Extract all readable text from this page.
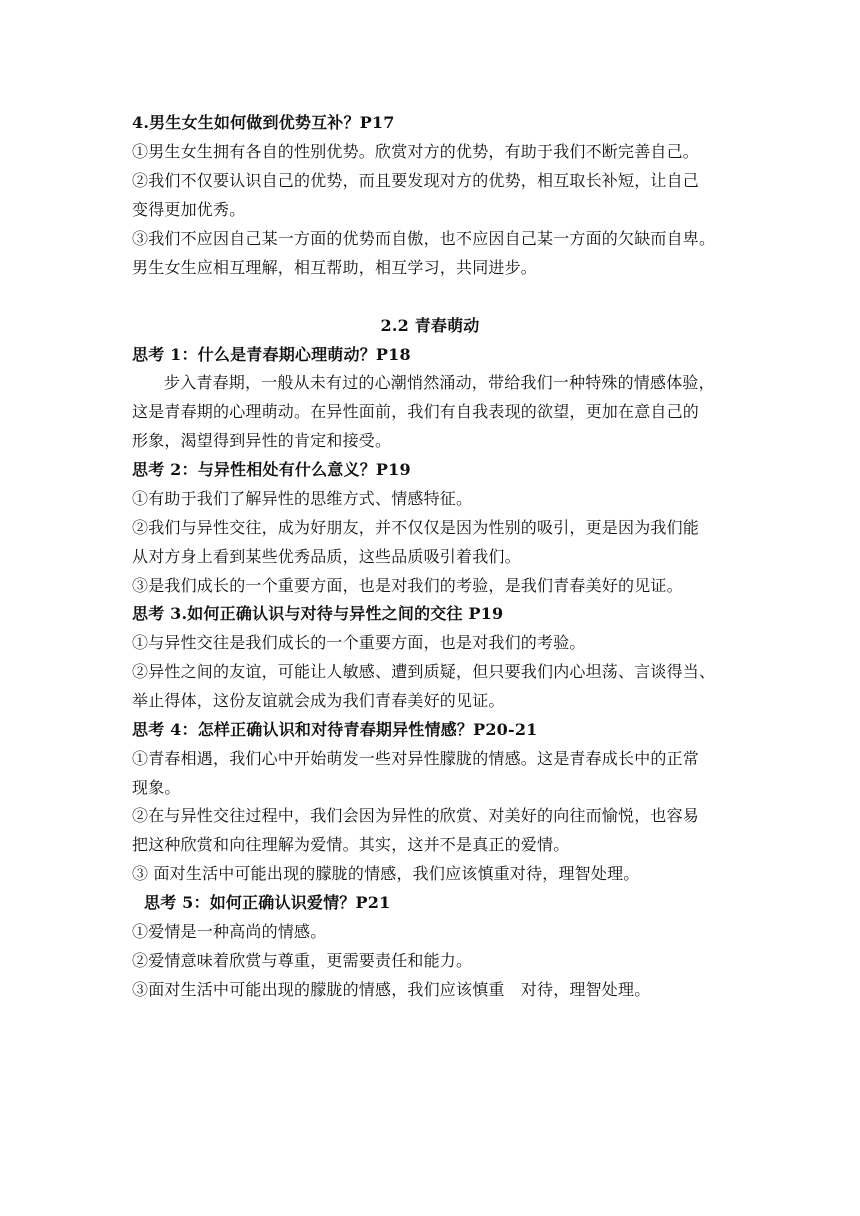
4.男生女生如何做到优势互补？P17
①男生女生拥有各自的性别优势。欣赏对方的优势，有助于我们不断完善自己。
②我们不仅要认识自己的优势，而且要发现对方的优势，相互取长补短，让自己
变得更加优秀。
③我们不应因自己某一方面的优势而自傲，也不应因自己某一方面的欠缺而自卑。
男生女生应相互理解，相互帮助，相互学习，共同进步。
2.2 青春萌动
思考 1：什么是青春期心理萌动？P18
步入青春期，一般从未有过的心潮悄然涌动，带给我们一种特殊的情感体验，
这是青春期的心理萌动。在异性面前，我们有自我表现的欲望，更加在意自己的
形象，渴望得到异性的肯定和接受。
思考 2：与异性相处有什么意义？P19
①有助于我们了解异性的思维方式、情感特征。
②我们与异性交往，成为好朋友，并不仅仅是因为性别的吸引，更是因为我们能
从对方身上看到某些优秀品质，这些品质吸引着我们。
③是我们成长的一个重要方面，也是对我们的考验，是我们青春美好的见证。
思考 3.如何正确认识与对待与异性之间的交往 P19
①与异性交往是我们成长的一个重要方面，也是对我们的考验。
②异性之间的友谊，可能让人敏感、遭到质疑，但只要我们内心坦荡、言谈得当、
举止得体，这份友谊就会成为我们青春美好的见证。
思考 4：怎样正确认识和对待青春期异性情感？P20-21
①青春相遇，我们心中开始萌发一些对异性朦胧的情感。这是青春成长中的正常
现象。
②在与异性交往过程中，我们会因为异性的欣赏、对美好的向往而愉悦，也容易
把这种欣赏和向往理解为爱情。其实，这并不是真正的爱情。
③ 面对生活中可能出现的朦胧的情感，我们应该慎重对待，理智处理。
思考 5：如何正确认识爱情？P21
①爱情是一种高尚的情感。
②爱情意味着欣赏与尊重，更需要责任和能力。
③面对生活中可能出现的朦胧的情感，我们应该慎重　对待，理智处理。
